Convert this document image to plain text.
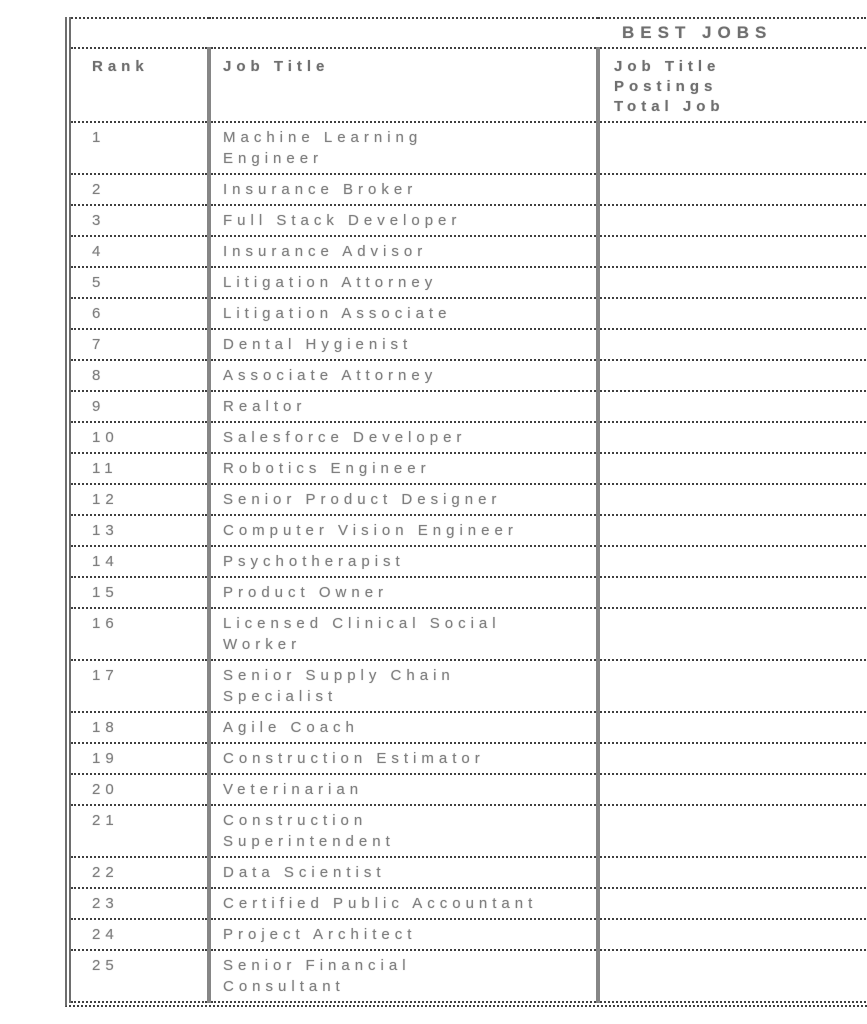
BEST JOBS		

Rank	Job Title	Job Title
Postings
Total Job

1	Machine Learning
Engineer	

2	Insurance Broker	

3	Full Stack Developer	

4	Insurance Advisor	

5	Litigation Attorney	

6	Litigation Associate	

7	Dental Hygienist	

8	Associate Attorney	

9	Realtor	

10	Salesforce Developer	

11	Robotics Engineer	

12	Senior Product Designer	

13	Computer Vision Engineer	

14	Psychotherapist	

15	Product Owner	

16	Licensed Clinical Social
Worker	

17	Senior Supply Chain
Specialist	

18	Agile Coach	

19	Construction Estimator	

20	Veterinarian	

21	Construction
Superintendent	

22	Data Scientist	

23	Certified Public Accountant	

24	Project Architect	

25	Senior Financial
Consultant	
